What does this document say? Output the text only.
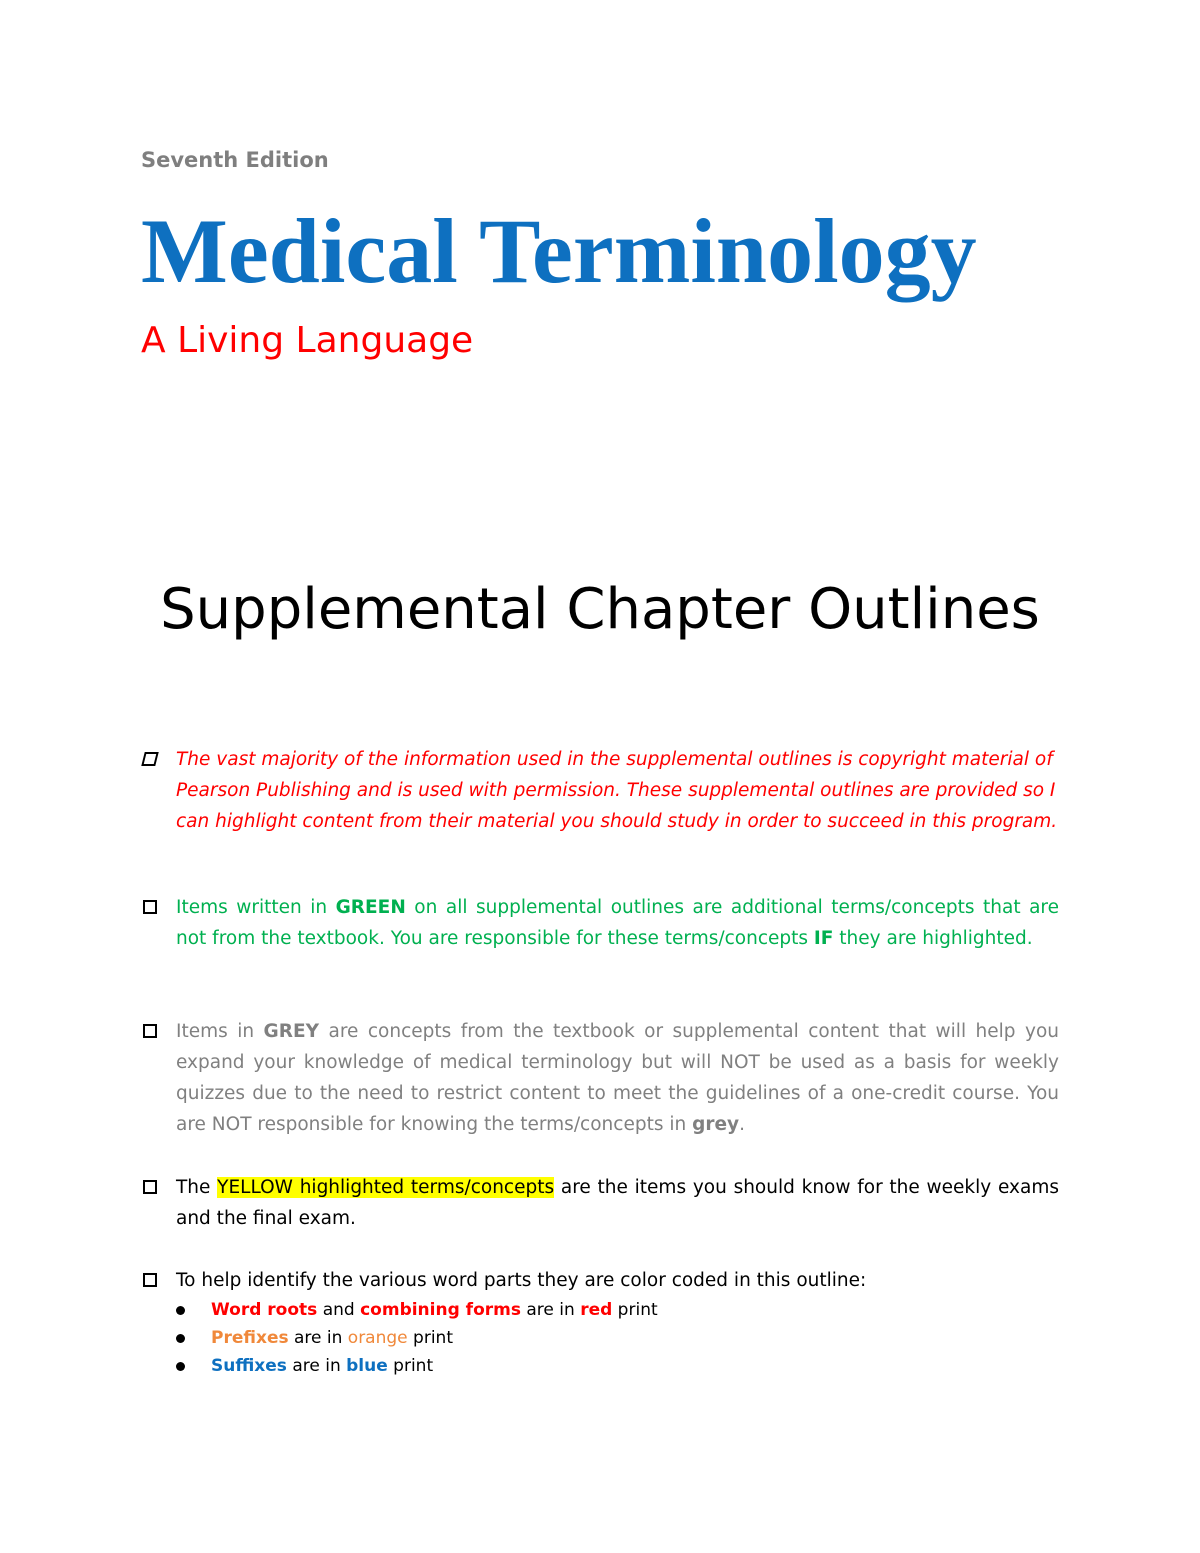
Seventh Edition
Medical Terminology
A Living Language
Supplemental Chapter Outlines
The vast majority of the information used in the supplemental outlines is copyright material of Pearson Publishing and is used with permission. These supplemental outlines are provided so I can highlight content from their material you should study in order to succeed in this program.
Items written in GREEN on all supplemental outlines are additional terms/concepts that are not from the textbook. You are responsible for these terms/concepts IF they are highlighted.
Items in GREY are concepts from the textbook or supplemental content that will help you expand your knowledge of medical terminology but will NOT be used as a basis for weekly quizzes due to the need to restrict content to meet the guidelines of a one-credit course. You are NOT responsible for knowing the terms/concepts in grey.
The YELLOW highlighted terms/concepts are the items you should know for the weekly exams and the final exam.
To help identify the various word parts they are color coded in this outline:
Word roots and combining forms are in red print
Prefixes are in orange print
Suffixes are in blue print
